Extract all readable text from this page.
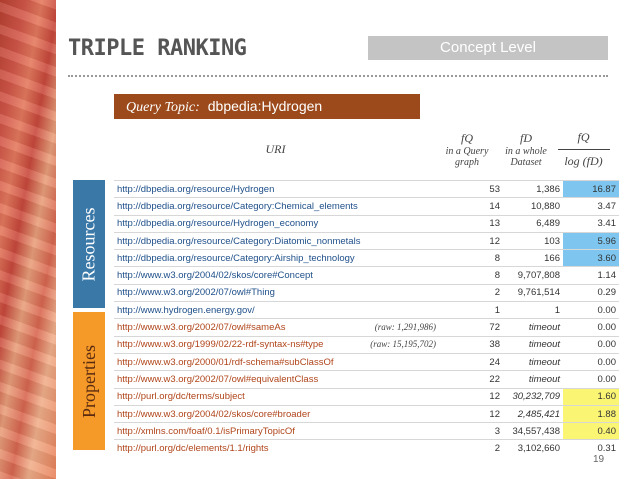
TRIPLE RANKING	Concept Level
Query Topic: dbpedia:Hydrogen
Resources
Properties
URI
fQ
in a Query
graph
fD
in a whole
Dataset $\frac{fQ}{\log (fD)}$
http://dbpedia.org/resource/Hydrogen	53	1,386	16.87
http://dbpedia.org/resource/Category:Chemical_elements	14	10,880	3.47
http://dbpedia.org/resource/Hydrogen_economy	13	6,489	3.41
http://dbpedia.org/resource/Category:Diatomic_nonmetals	12	103	5.96
http://dbpedia.org/resource/Category:Airship_technology	8	166	3.60
http://www.w3.org/2004/02/skos/core#Concept	8	9,707,808	1.14
http://www.w3.org/2002/07/owl#Thing	2	9,761,514	0.29
http://www.hydrogen.energy.gov/	1	1	0.00

(raw: 1,291,986)
http://www.w3.org/2002/07/owl#sameAs	72	timeout	0.00

(raw: 15,195,702)
http://www.w3.org/1999/02/22-rdf-syntax-ns#type	38	timeout	0.00
http://www.w3.org/2000/01/rdf-schema#subClassOf	24	timeout	0.00
http://www.w3.org/2002/07/owl#equivalentClass	22	timeout	0.00
http://purl.org/dc/terms/subject	12	30,232,709	1.60
http://www.w3.org/2004/02/skos/core#broader	12	2,485,421	1.88
http://xmlns.com/foaf/0.1/isPrimaryTopicOf	3	34,557,438	0.40
http://purl.org/dc/elements/1.1/rights	2	3,102,660	0.31
19
